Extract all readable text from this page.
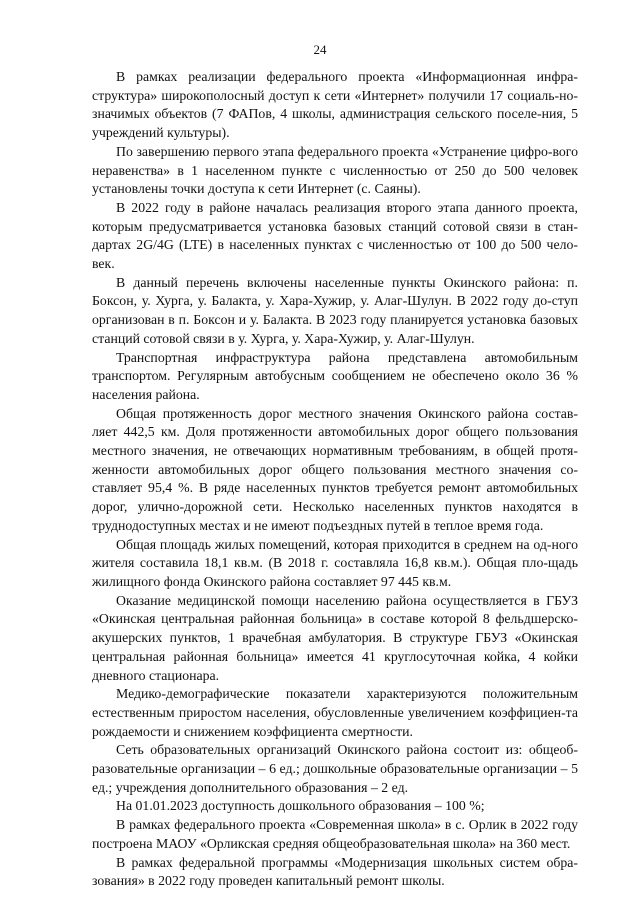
24

В рамках реализации федерального проекта «Информационная инфра-структура» широкополосный доступ к сети «Интернет» получили 17 социаль-но-значимых объектов (7 ФАПов, 4 школы, администрация сельского поселе-ния, 5 учреждений культуры).

По завершению первого этапа федерального проекта «Устранение цифро-вого неравенства» в 1 населенном пункте с численностью от 250 до 500 человек установлены точки доступа к сети Интернет (с. Саяны).

В 2022 году в районе началась реализация второго этапа данного проекта, которым предусматривается установка базовых станций сотовой связи в стан-дартах 2G/4G (LTE) в населенных пунктах с численностью от 100 до 500 чело-век.

В данный перечень включены населенные пункты Окинского района: п. Боксон, у. Хурга, у. Балакта, у. Хара-Хужир, у. Алаг-Шулун. В 2022 году до-ступ организован в п. Боксон и у. Балакта. В 2023 году планируется установка базовых станций сотовой связи в у. Хурга, у. Хара-Хужир, у. Алаг-Шулун.

Транспортная инфраструктура района представлена автомобильным транспортом. Регулярным автобусным сообщением не обеспечено около 36 % населения района.

Общая протяженность дорог местного значения Окинского района состав-ляет 442,5 км. Доля протяженности автомобильных дорог общего пользования местного значения, не отвечающих нормативным требованиям, в общей протя-женности автомобильных дорог общего пользования местного значения со-ставляет 95,4 %. В ряде населенных пунктов требуется ремонт автомобильных дорог, улично-дорожной сети. Несколько населенных пунктов находятся в труднодоступных местах и не имеют подъездных путей в теплое время года.

Общая площадь жилых помещений, которая приходится в среднем на од-ного жителя составила 18,1 кв.м. (В 2018 г. составляла 16,8 кв.м.). Общая пло-щадь жилищного фонда Окинского района составляет 97 445 кв.м.

Оказание медицинской помощи населению района осуществляется в ГБУЗ «Окинская центральная районная больница» в составе которой 8 фельдшерско-акушерских пунктов, 1 врачебная амбулатория. В структуре ГБУЗ «Окинская центральная районная больница» имеется 41 круглосуточная койка, 4 койки дневного стационара.

Медико-демографические показатели характеризуются положительным естественным приростом населения, обусловленные увеличением коэффициен-та рождаемости и снижением коэффициента смертности.

Сеть образовательных организаций Окинского района состоит из: общеоб-разовательные организации – 6 ед.; дошкольные образовательные организации – 5 ед.; учреждения дополнительного образования – 2 ед.

На 01.01.2023 доступность дошкольного образования – 100 %;

В рамках федерального проекта «Современная школа» в с. Орлик в 2022 году построена МАОУ «Орликская средняя общеобразовательная школа» на 360 мест.

В рамках федеральной программы «Модернизация школьных систем обра-зования» в 2022 году проведен капитальный ремонт школы.
